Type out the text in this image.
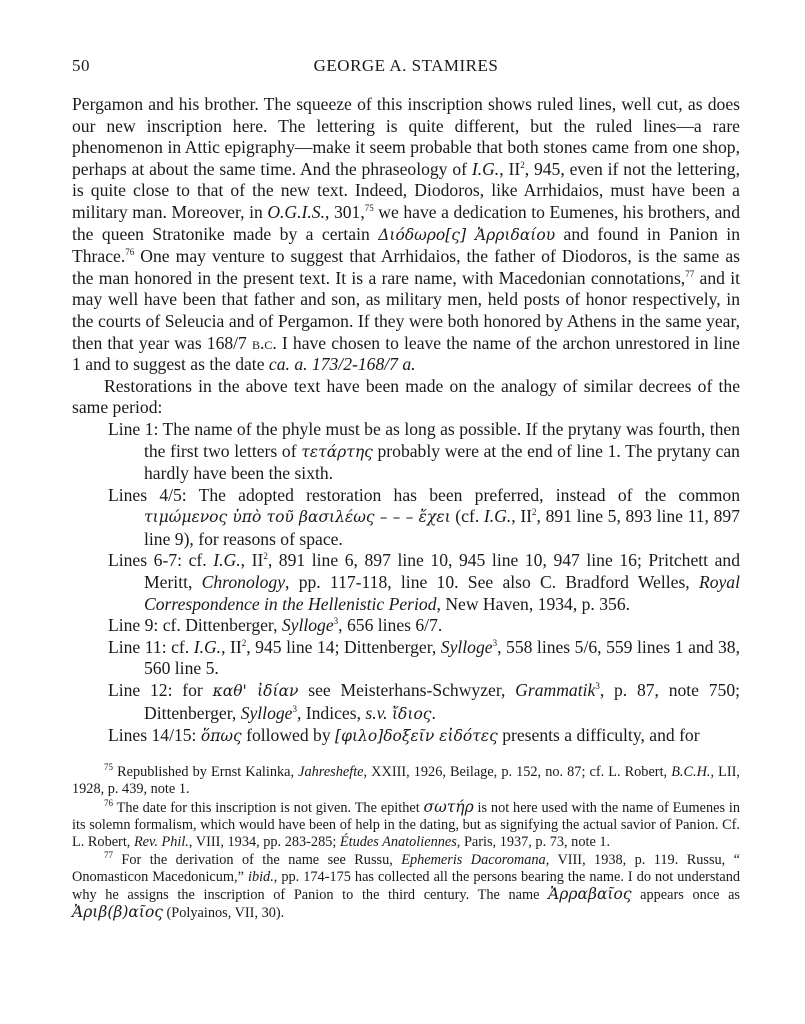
50	GEORGE A. STAMIRES

Pergamon and his brother. The squeeze of this inscription shows ruled lines, well cut, as does our new inscription here. The lettering is quite different, but the ruled lines—a rare phenomenon in Attic epigraphy—make it seem probable that both stones came from one shop, perhaps at about the same time. And the phraseology of I.G., $II^2$, 945, even if not the lettering, is quite close to that of the new text. Indeed, Diodoros, like Arrhidaios, must have been a military man. Moreover, in O.G.I.S., 301,75 we have a dedication to Eumenes, his brothers, and the queen Stratonike made by a certain Διόδωρο[ς] Ἀρριδαίου and found in Panion in Thrace.$^{76}$ One may venture to suggest that Arrhidaios, the father of Diodoros, is the same as the man honored in the present text. It is a rare name, with Macedonian connotations,$^{77}$ and it may well have been that father and son, as military men, held posts of honor respectively, in the courts of Seleucia and of Pergamon. If they were both honored by Athens in the same year, then that year was 168/7 b.c. I have chosen to leave the name of the archon unrestored in line 1 and to suggest as the date ca. a. 173/2-168/7 a.

Restorations in the above text have been made on the analogy of similar decrees of the same period:

Line 1: The name of the phyle must be as long as possible. If the prytany was fourth, then the first two letters of τετάρτης probably were at the end of line 1. The prytany can hardly have been the sixth.

Lines 4/5: The adopted restoration has been preferred, instead of the common τιμώμενος ὑπὸ τοῦ βασιλέως – – – ἔχει (cf. I.G., $II^2$, 891 line 5, 893 line 11, 897 line 9), for reasons of space.

Lines 6-7: cf. I.G., $II^2$, 891 line 6, 897 line 10, 945 line 10, 947 line 16; Pritchett and Meritt, Chronology, pp. 117-118, line 10. See also C. Bradford Welles, Royal Correspondence in the Hellenistic Period, New Haven, 1934, p. 356.

Line 9: cf. Dittenberger, Sylloge$^3$, 656 lines 6/7.

Line 11: cf. I.G., $II^2$, 945 line 14; Dittenberger, Sylloge$^3$, 558 lines 5/6, 559 lines 1 and 38, 560 line 5.

Line 12: for καθ' ἰδίαν see Meisterhans-Schwyzer, Grammatik$^3$, p. 87, note 750; Dittenberger, Sylloge$^3$, Indices, s.v. ἴδιος.

Lines 14/15: ὅπως followed by [φιλο]δοξεῖν εἰδότες presents a difficulty, and for

$^{75}$ Republished by Ernst Kalinka, Jahreshefte, XXIII, 1926, Beilage, p. 152, no. 87; cf. L. Robert, B.C.H., LII, 1928, p. 439, note 1.

$^{76}$ The date for this inscription is not given. The epithet σωτήρ is not here used with the name of Eumenes in its solemn formalism, which would have been of help in the dating, but as signifying the actual savior of Panion. Cf. L. Robert, Rev. Phil., VIII, 1934, pp. 283-285; Études Anatoliennes, Paris, 1937, p. 73, note 1.

$^{77}$ For the derivation of the name see Russu, Ephemeris Dacoromana, VIII, 1938, p. 119. Russu, “ Onomasticon Macedonicum,” ibid., pp. 174-175 has collected all the persons bearing the name. I do not understand why he assigns the inscription of Panion to the third century. The name Ἀρραβαῖος appears once as Ἀριβ(β)αῖος (Polyainos, VII, 30).
